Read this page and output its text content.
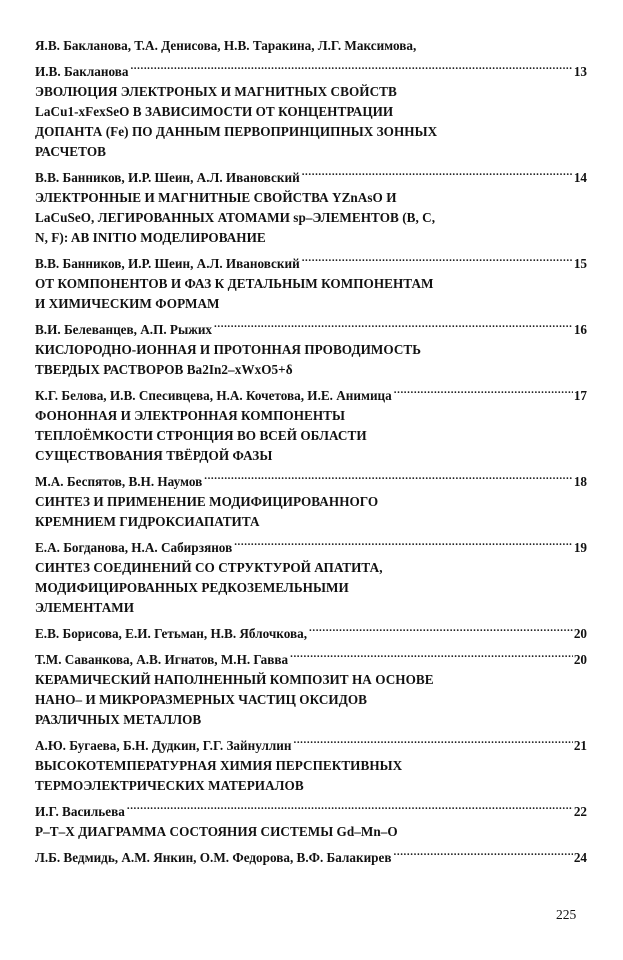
Я.В. Бакланова, Т.А. Денисова, Н.В. Таракина, Л.Г. Максимова,
И.В. Бакланова .....	13
ЭВОЛЮЦИЯ ЭЛЕКТРОНЫХ И МАГНИТНЫХ СВОЙСТВ
LaCu1-xFexSeO В ЗАВИСИМОСТИ ОТ КОНЦЕНТРАЦИИ
ДОПАНТА (Fe) ПО ДАННЫМ ПЕРВОПРИНЦИПНЫХ ЗОННЫХ
РАСЧЕТОВ
В.В. Банников, И.Р. Шеин, А.Л. Ивановский .....	14
ЭЛЕКТРОННЫЕ И МАГНИТНЫЕ СВОЙСТВА YZnAsO И
LaCuSeO, ЛЕГИРОВАННЫХ АТОМАМИ sp–ЭЛЕМЕНТОВ (B, C,
N, F): AB INITIO МОДЕЛИРОВАНИЕ
В.В. Банников, И.Р. Шеин, А.Л. Ивановский .....	15
ОТ КОМПОНЕНТОВ И ФАЗ К ДЕТАЛЬНЫМ КОМПОНЕНТАМ
И ХИМИЧЕСКИМ ФОРМАМ
В.И. Белеванцев, А.П. Рыжих .....	16
КИСЛОРОДНО-ИОННАЯ И ПРОТОННАЯ ПРОВОДИМОСТЬ
ТВЕРДЫХ РАСТВОРОВ Ba2In2–xWxO5+δ
К.Г. Белова, И.В. Спесивцева, Н.А. Кочетова, И.Е. Анимица .....	17
ФОНОННАЯ И ЭЛЕКТРОННАЯ КОМПОНЕНТЫ
ТЕПЛОЁМКОСТИ СТРОНЦИЯ ВО ВСЕЙ ОБЛАСТИ
СУЩЕСТВОВАНИЯ ТВЁРДОЙ ФАЗЫ
М.А. Беспятов, В.Н. Наумов .....	18
СИНТЕЗ И ПРИМЕНЕНИЕ МОДИФИЦИРОВАННОГО
КРЕМНИЕМ ГИДРОКСИАПАТИТА
Е.А. Богданова, Н.А. Сабирзянов .....	19
СИНТЕЗ СОЕДИНЕНИЙ СО СТРУКТУРОЙ АПАТИТА,
МОДИФИЦИРОВАННЫХ РЕДКОЗЕМЕЛЬНЫМИ
ЭЛЕМЕНТАМИ
Е.В. Борисова, Е.И. Гетьман, Н.В. Яблочкова, .....	20
Т.М. Саванкова, А.В. Игнатов, М.Н. Гавва .....	20
КЕРАМИЧЕСКИЙ НАПОЛНЕННЫЙ КОМПОЗИТ НА ОСНОВЕ
НАНО– И МИКРОРАЗМЕРНЫХ ЧАСТИЦ ОКСИДОВ
РАЗЛИЧНЫХ МЕТАЛЛОВ
А.Ю. Бугаева, Б.Н. Дудкин, Г.Г. Зайнуллин .....	21
ВЫСОКОТЕМПЕРАТУРНАЯ ХИМИЯ ПЕРСПЕКТИВНЫХ
ТЕРМОЭЛЕКТРИЧЕСКИХ МАТЕРИАЛОВ
И.Г. Васильева .....	22
P–T–X ДИАГРАММА СОСТОЯНИЯ СИСТЕМЫ Gd–Mn–O
Л.Б. Ведмидь, А.М. Янкин, О.М. Федорова, В.Ф. Балакирев .....	24
225
